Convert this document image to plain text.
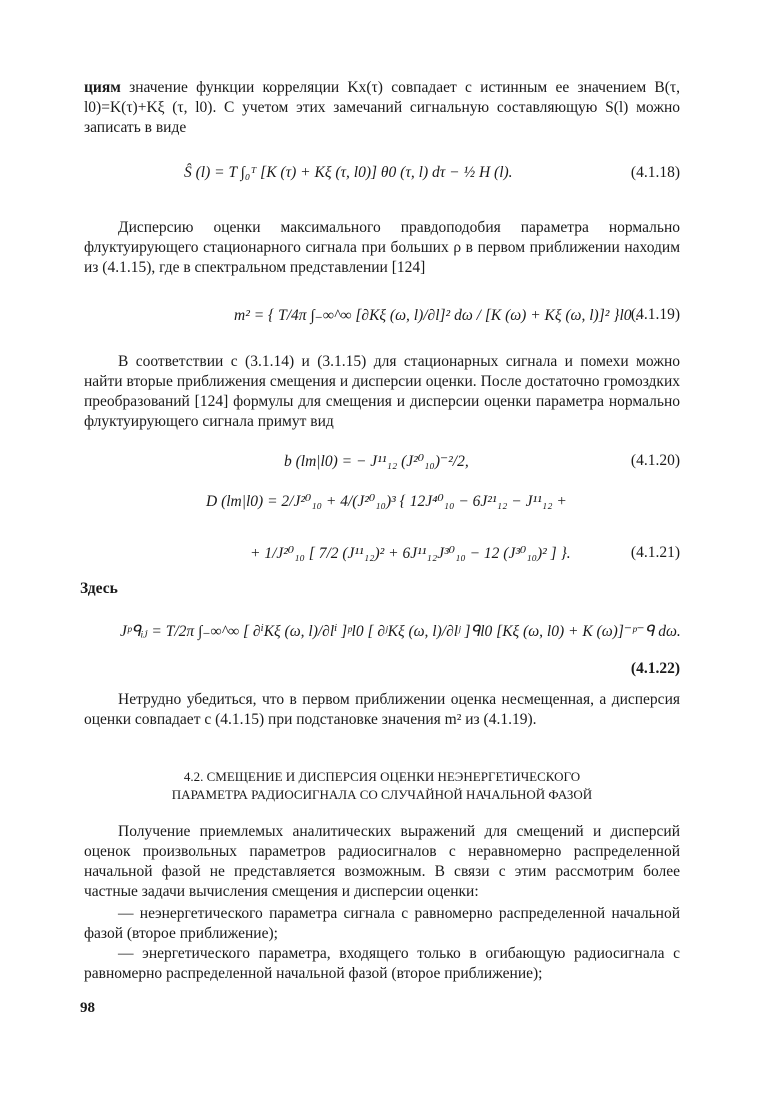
циям значение функции корреляции Kx(τ) совпадает с истинным ее значением B(τ, l0)=K(τ)+Kξ (τ, l0). С учетом этих замечаний сигнальную составляющую S(l) можно записать в виде

Ŝ (l) = T ∫₀ᵀ [K (τ) + Kξ (τ, l0)] θ0 (τ, l) dτ − ½ H (l).	(4.1.18)

Дисперсию оценки максимального правдоподобия параметра нормально флуктуирующего стационарного сигнала при больших ρ в первом приближении находим из (4.1.15), где в спектральном представлении [124]

m² = { T/4π ∫₋∞^∞ [∂Kξ (ω, l)/∂l]² dω / [K (ω) + Kξ (ω, l)]² }l0 .
(4.1.19)

В соответствии с (3.1.14) и (3.1.15) для стационарных сигнала и помехи можно найти вторые приближения смещения и дисперсии оценки. После достаточно громоздких преобразований [124] формулы для смещения и дисперсии оценки параметра нормально флуктуирующего сигнала примут вид

b (lm|l0) = − J¹¹₁₂ (J²⁰₁₀)⁻²/2,	(4.1.20)
D (lm|l0) = 2/J²⁰₁₀ + 4/(J²⁰₁₀)³ { 12J⁴⁰₁₀ − 6J²¹₁₂ − J¹¹₁₂ +
+ 1/J²⁰₁₀ [ 7/2 (J¹¹₁₂)² + 6J¹¹₁₂J³⁰₁₀ − 12 (J³⁰₁₀)² ] }.	(4.1.21)
Здесь
Jᵖᑫᵢⱼ = T/2π ∫₋∞^∞ [ ∂ⁱKξ (ω, l)/∂lⁱ ]ᵖl0 [ ∂ʲKξ (ω, l)/∂lʲ ]ᑫl0 [Kξ (ω, l0) + K (ω)]⁻ᵖ⁻ᑫ dω.
(4.1.22)

Нетрудно убедиться, что в первом приближении оценка несмещенная, а дисперсия оценки совпадает с (4.1.15) при подстановке значения m² из (4.1.19).

4.2. СМЕЩЕНИЕ И ДИСПЕРСИЯ ОЦЕНКИ НЕЭНЕРГЕТИЧЕСКОГО
ПАРАМЕТРА РАДИОСИГНАЛА СО СЛУЧАЙНОЙ НАЧАЛЬНОЙ ФАЗОЙ

Получение приемлемых аналитических выражений для смещений и дисперсий оценок произвольных параметров радиосигналов с неравномерно распределенной начальной фазой не представляется возможным. В связи с этим рассмотрим более частные задачи вычисления смещения и дисперсии оценки:

— неэнергетического параметра сигнала с равномерно распределенной начальной фазой (второе приближение);

— энергетического параметра, входящего только в огибающую радиосигнала с равномерно распределенной начальной фазой (второе приближение);

98
